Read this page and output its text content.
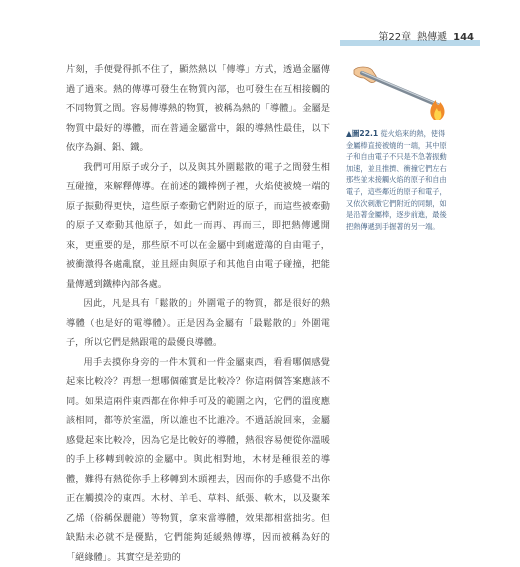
第22章 熱傳遞 144

片刻，手便覺得抓不住了，顯然熱以「傳導」方式，透過金屬傳過了過來。熱的傳導可發生在物質內部，也可發生在互相接觸的不同物質之間。容易傳導熱的物質，被稱為熱的「導體」。金屬是物質中最好的導體，而在普通金屬當中，銀的導熱性最佳，以下依序為銅、鋁、鐵。

我們可用原子或分子，以及與其外圍鬆散的電子之間發生相互碰撞，來解釋傳導。在前述的鐵棒例子裡，火焰使被燒一端的原子振動得更快，這些原子牽動它們附近的原子，而這些被牽動的原子又牽動其他原子，如此一而再、再而三，即把熱傳遞開來，更重要的是，那些原不可以在金屬中到處遊蕩的自由電子，被衝激得各處亂竄，並且經由與原子和其他自由電子碰撞，把能量傳遞到鐵棒內部各處。

因此，凡是具有「鬆散的」外圍電子的物質，都是很好的熱導體（也是好的電導體）。正是因為金屬有「最鬆散的」外圍電子，所以它們是熱跟電的最優良導體。

用手去摸你身旁的一件木質和一件金屬東西，看看哪個感覺起來比較冷？再想一想哪個確實是比較冷？你這兩個答案應該不同。如果這兩件東西都在你伸手可及的範圍之內，它們的溫度應該相同，都等於室溫，所以誰也不比誰冷。不過話說回來，金屬感覺起來比較冷，因為它是比較好的導體，熱很容易便從你溫暖的手上移轉到較涼的金屬中。與此相對地，木材是種很差的導體，難得有熱從你手上移轉到木頭裡去，因而你的手感覺不出你正在觸摸冷的東西。木材、羊毛、草料、紙張、軟木，以及聚苯乙烯（俗稱保麗龍）等物質，拿來當導體，效果都相當拙劣。但缺點未必就不是優點，它們能夠延緩熱傳導，因而被稱為好的「絕緣體」。其實空是差勁的

▲圖22.1 從火焰來的熱，使得金屬棒直接被燒的一端，其中原子和自由電子不只是不急著振動加速，並且推擠、衝撞它們左右那些並未接觸火焰的原子和自由電子，這些鄰近的原子和電子，又依次刺激它們附近的同類，如是沿著金屬棒，逐步前進，最後把熱傳遞到手握著的另一端。
